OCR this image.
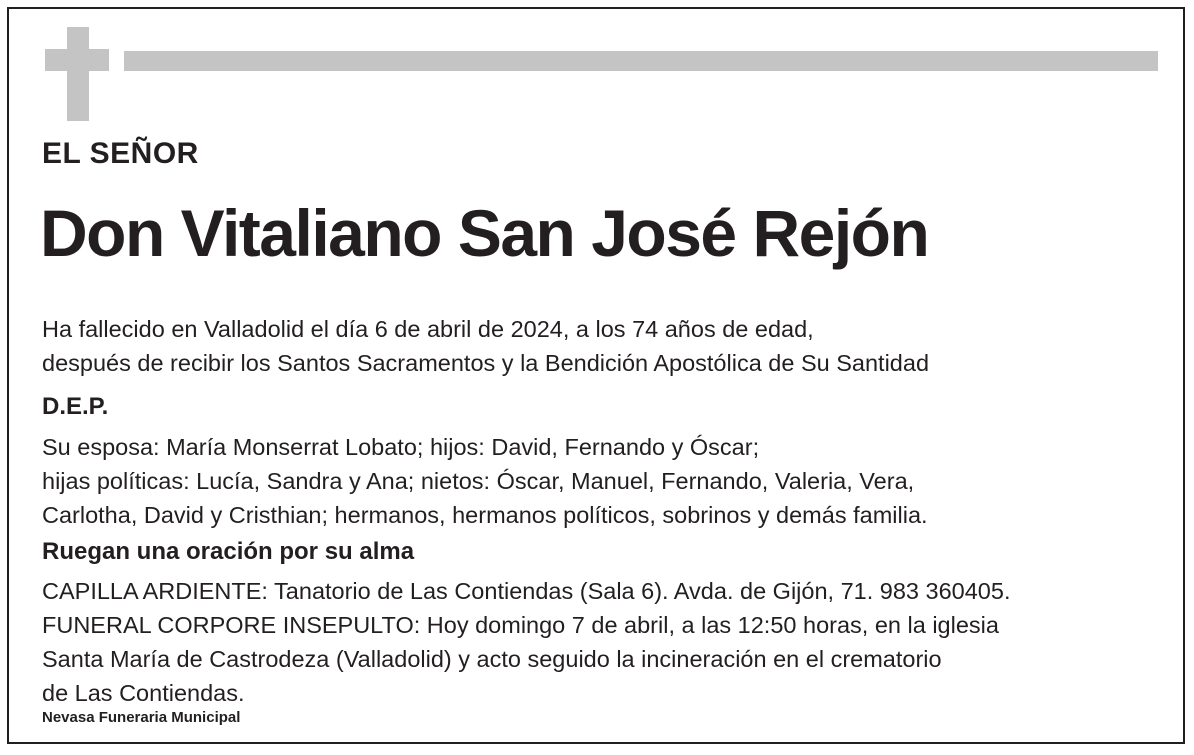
EL SEÑOR
Don Vitaliano San José Rejón
Ha fallecido en Valladolid el día 6 de abril de 2024, a los 74 años de edad,
después de recibir los Santos Sacramentos y la Bendición Apostólica de Su Santidad
D.E.P.
Su esposa: María Monserrat Lobato; hijos: David, Fernando y Óscar;
hijas políticas: Lucía, Sandra y Ana; nietos: Óscar, Manuel, Fernando, Valeria, Vera,
Carlotha, David y Cristhian; hermanos, hermanos políticos, sobrinos y demás familia.
Ruegan una oración por su alma
CAPILLA ARDIENTE: Tanatorio de Las Contiendas (Sala 6). Avda. de Gijón, 71. 983 360405.
FUNERAL CORPORE INSEPULTO: Hoy domingo 7 de abril, a las 12:50 horas, en la iglesia
Santa María de Castrodeza (Valladolid) y acto seguido la incineración en el crematorio
de Las Contiendas.
Nevasa Funeraria Municipal
